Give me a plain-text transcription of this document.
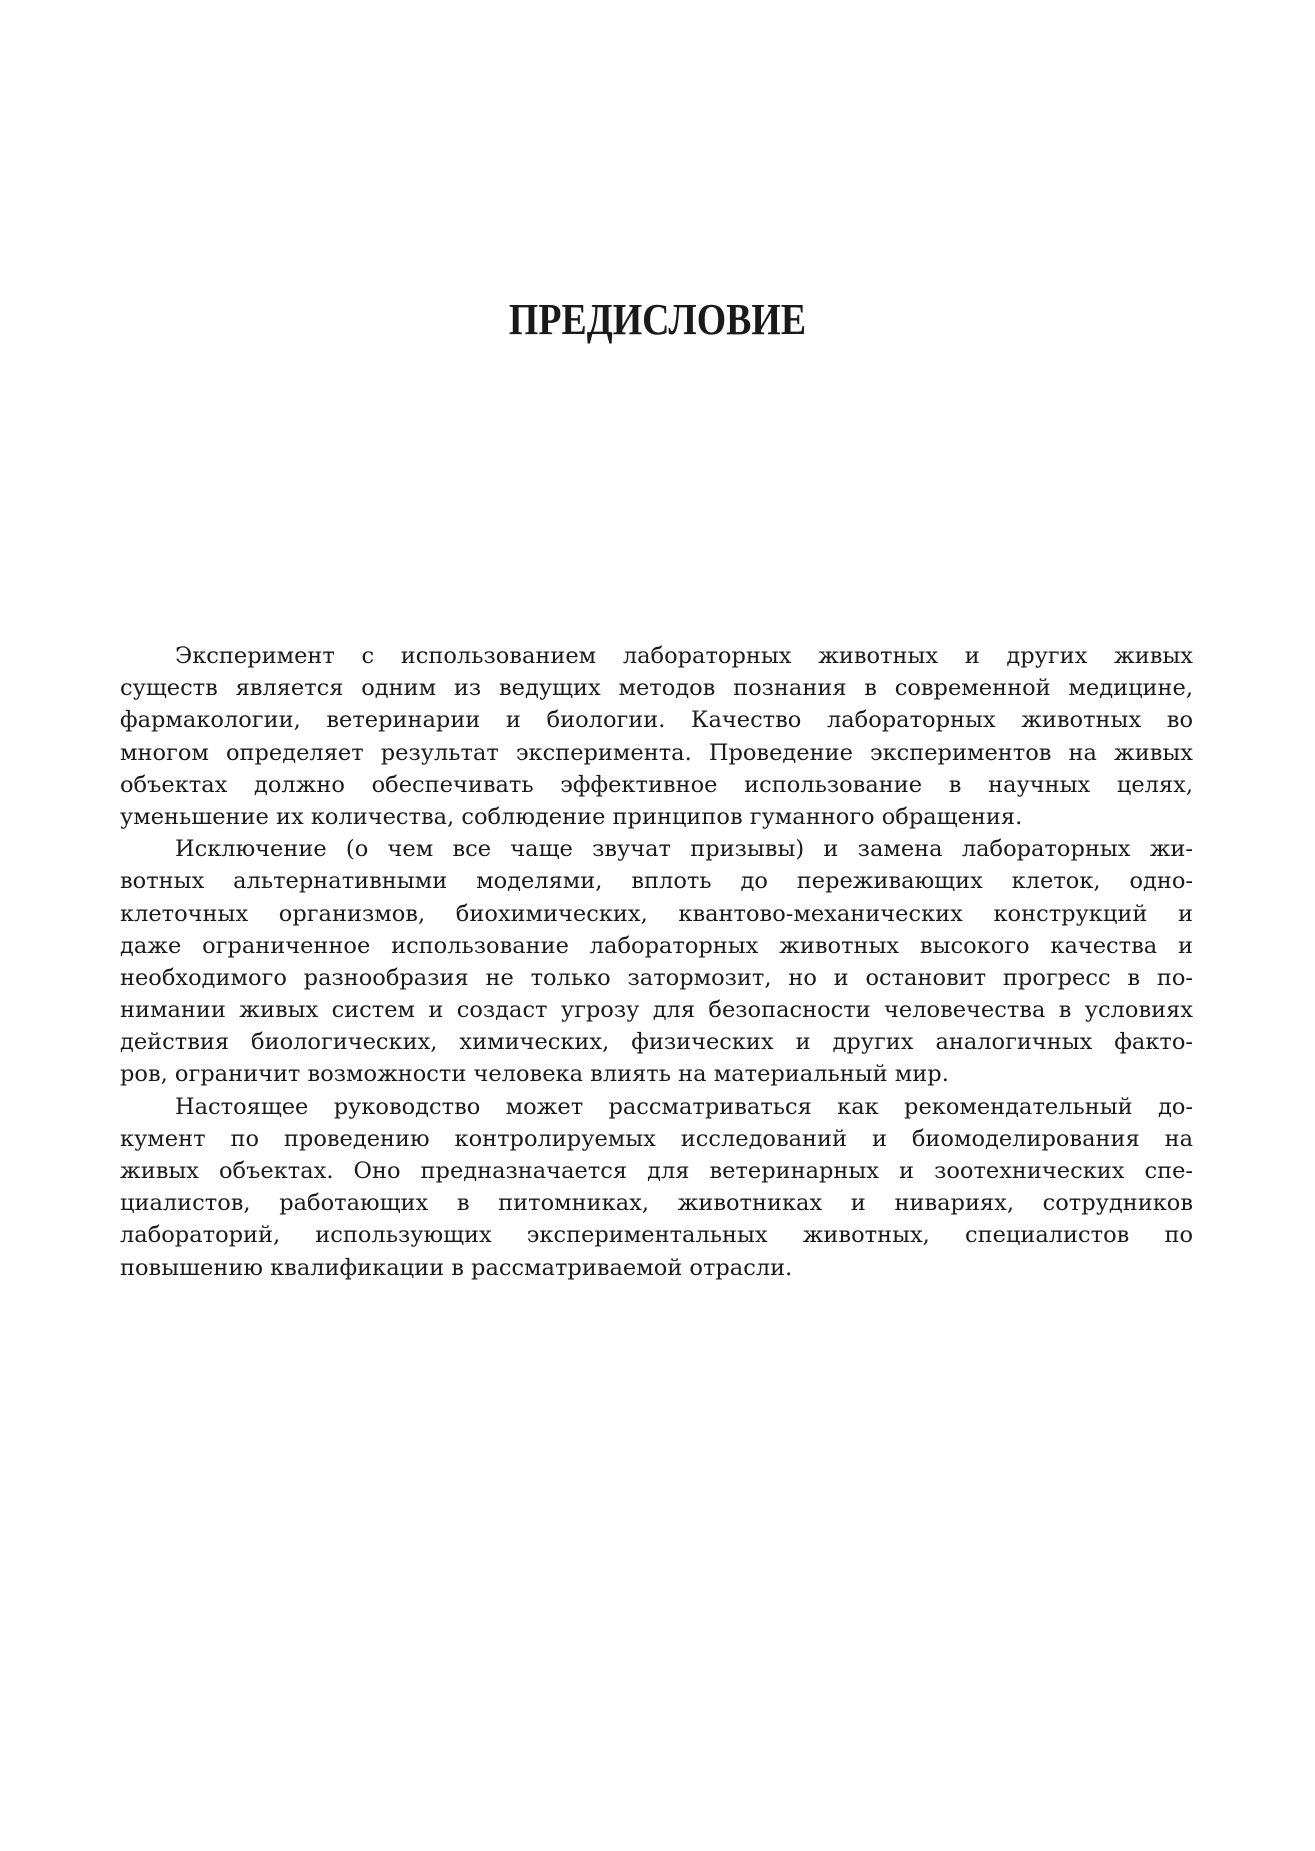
ПРЕДИСЛОВИЕ
Эксперимент с использованием лабораторных животных и других живых
существ является одним из ведущих методов познания в современной медицине,
фармакологии, ветеринарии и биологии. Качество лабораторных животных во
многом определяет результат эксперимента. Проведение экспериментов на живых
объектах должно обеспечивать эффективное использование в научных целях,
уменьшение их количества, соблюдение принципов гуманного обращения.
Исключение (о чем все чаще звучат призывы) и замена лабораторных жи-
вотных альтернативными моделями, вплоть до переживающих клеток, одно-
клеточных организмов, биохимических, квантово-механических конструкций и
даже ограниченное использование лабораторных животных высокого качества и
необходимого разнообразия не только затормозит, но и остановит прогресс в по-
нимании живых систем и создаст угрозу для безопасности человечества в условиях
действия биологических, химических, физических и других аналогичных факто-
ров, ограничит возможности человека влиять на материальный мир.
Настоящее руководство может рассматриваться как рекомендательный до-
кумент по проведению контролируемых исследований и биомоделирования на
живых объектах. Оно предназначается для ветеринарных и зоотехнических спе-
циалистов, работающих в питомниках, животниках и нивариях, сотрудников
лабораторий, использующих экспериментальных животных, специалистов по
повышению квалификации в рассматриваемой отрасли.
